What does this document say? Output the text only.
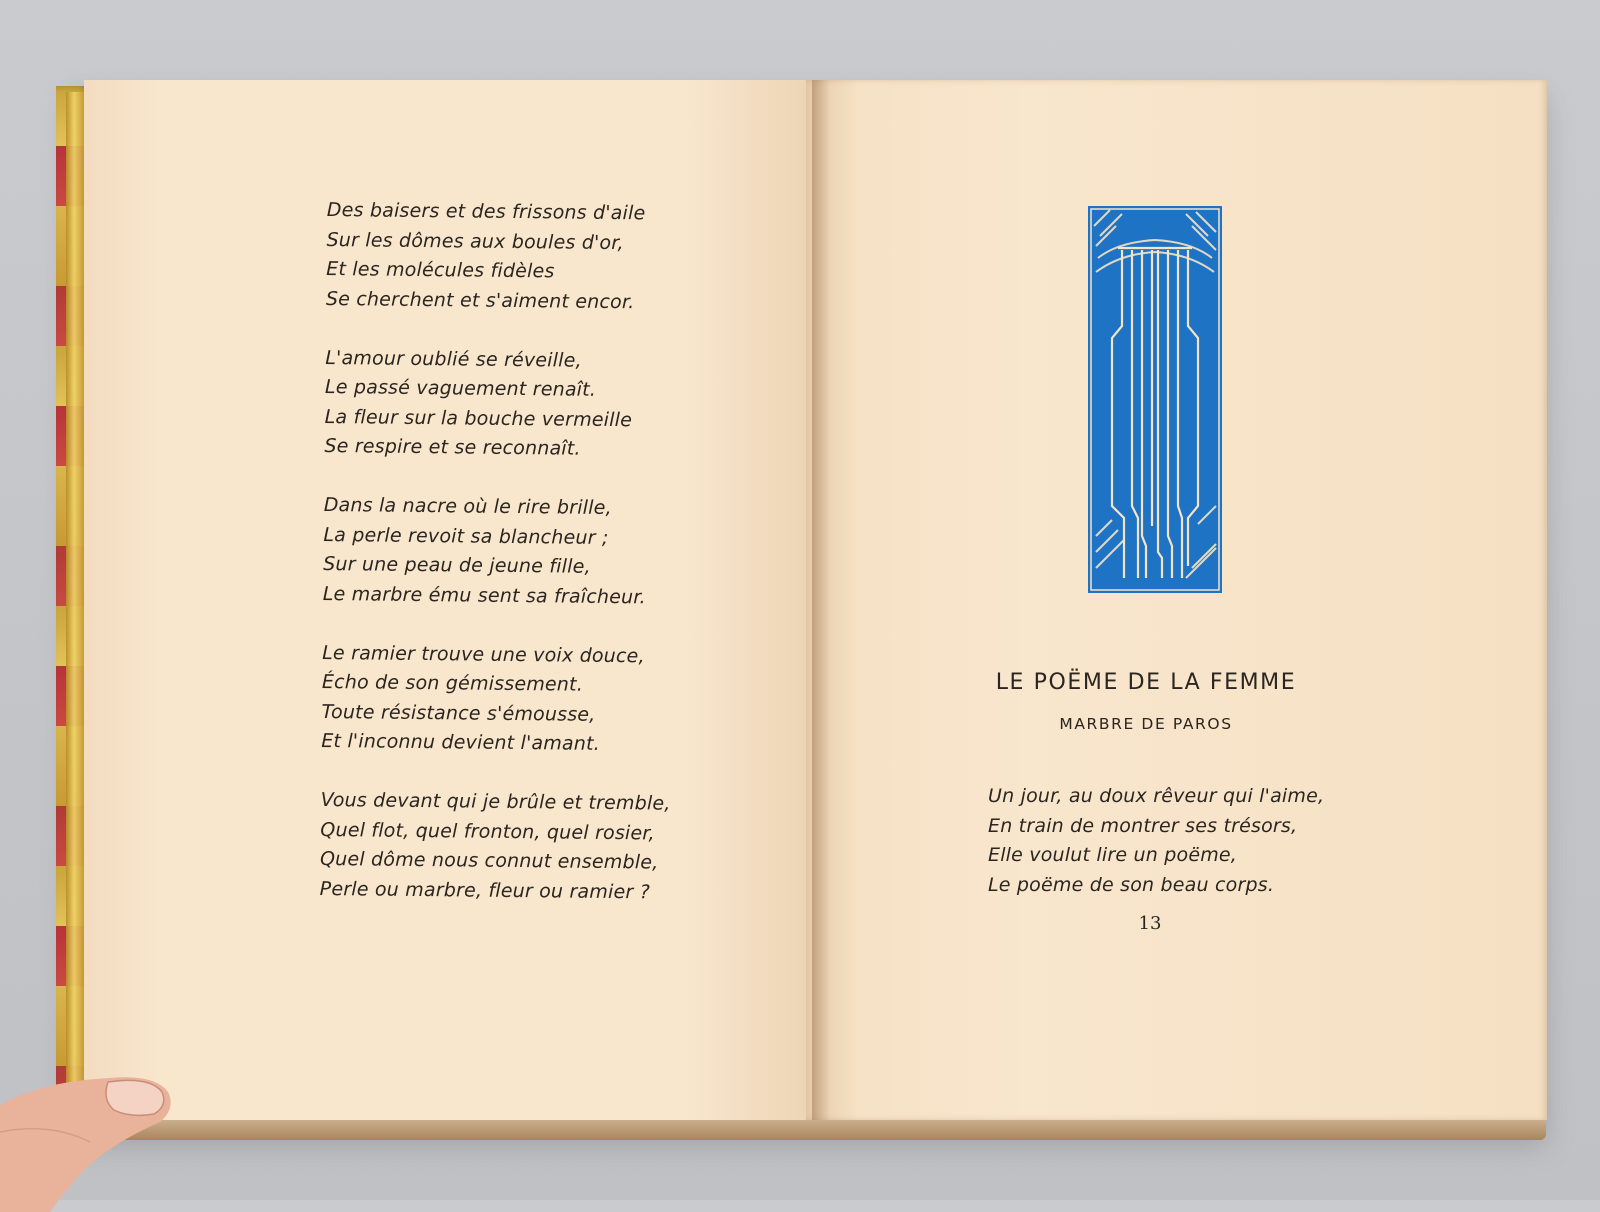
Des baisers et des frissons d'aile
Sur les dômes aux boules d'or,
Et les molécules fidèles
Se cherchent et s'aiment encor.
L'amour oublié se réveille,
Le passé vaguement renaît.
La fleur sur la bouche vermeille
Se respire et se reconnaît.
Dans la nacre où le rire brille,
La perle revoit sa blancheur ;
Sur une peau de jeune fille,
Le marbre ému sent sa fraîcheur.
Le ramier trouve une voix douce,
Écho de son gémissement.
Toute résistance s'émousse,
Et l'inconnu devient l'amant.
Vous devant qui je brûle et tremble,
Quel flot, quel fronton, quel rosier,
Quel dôme nous connut ensemble,
Perle ou marbre, fleur ou ramier ?
LE POËME DE LA FEMME
MARBRE DE PAROS
Un jour, au doux rêveur qui l'aime,
En train de montrer ses trésors,
Elle voulut lire un poëme,
Le poëme de son beau corps.
13
